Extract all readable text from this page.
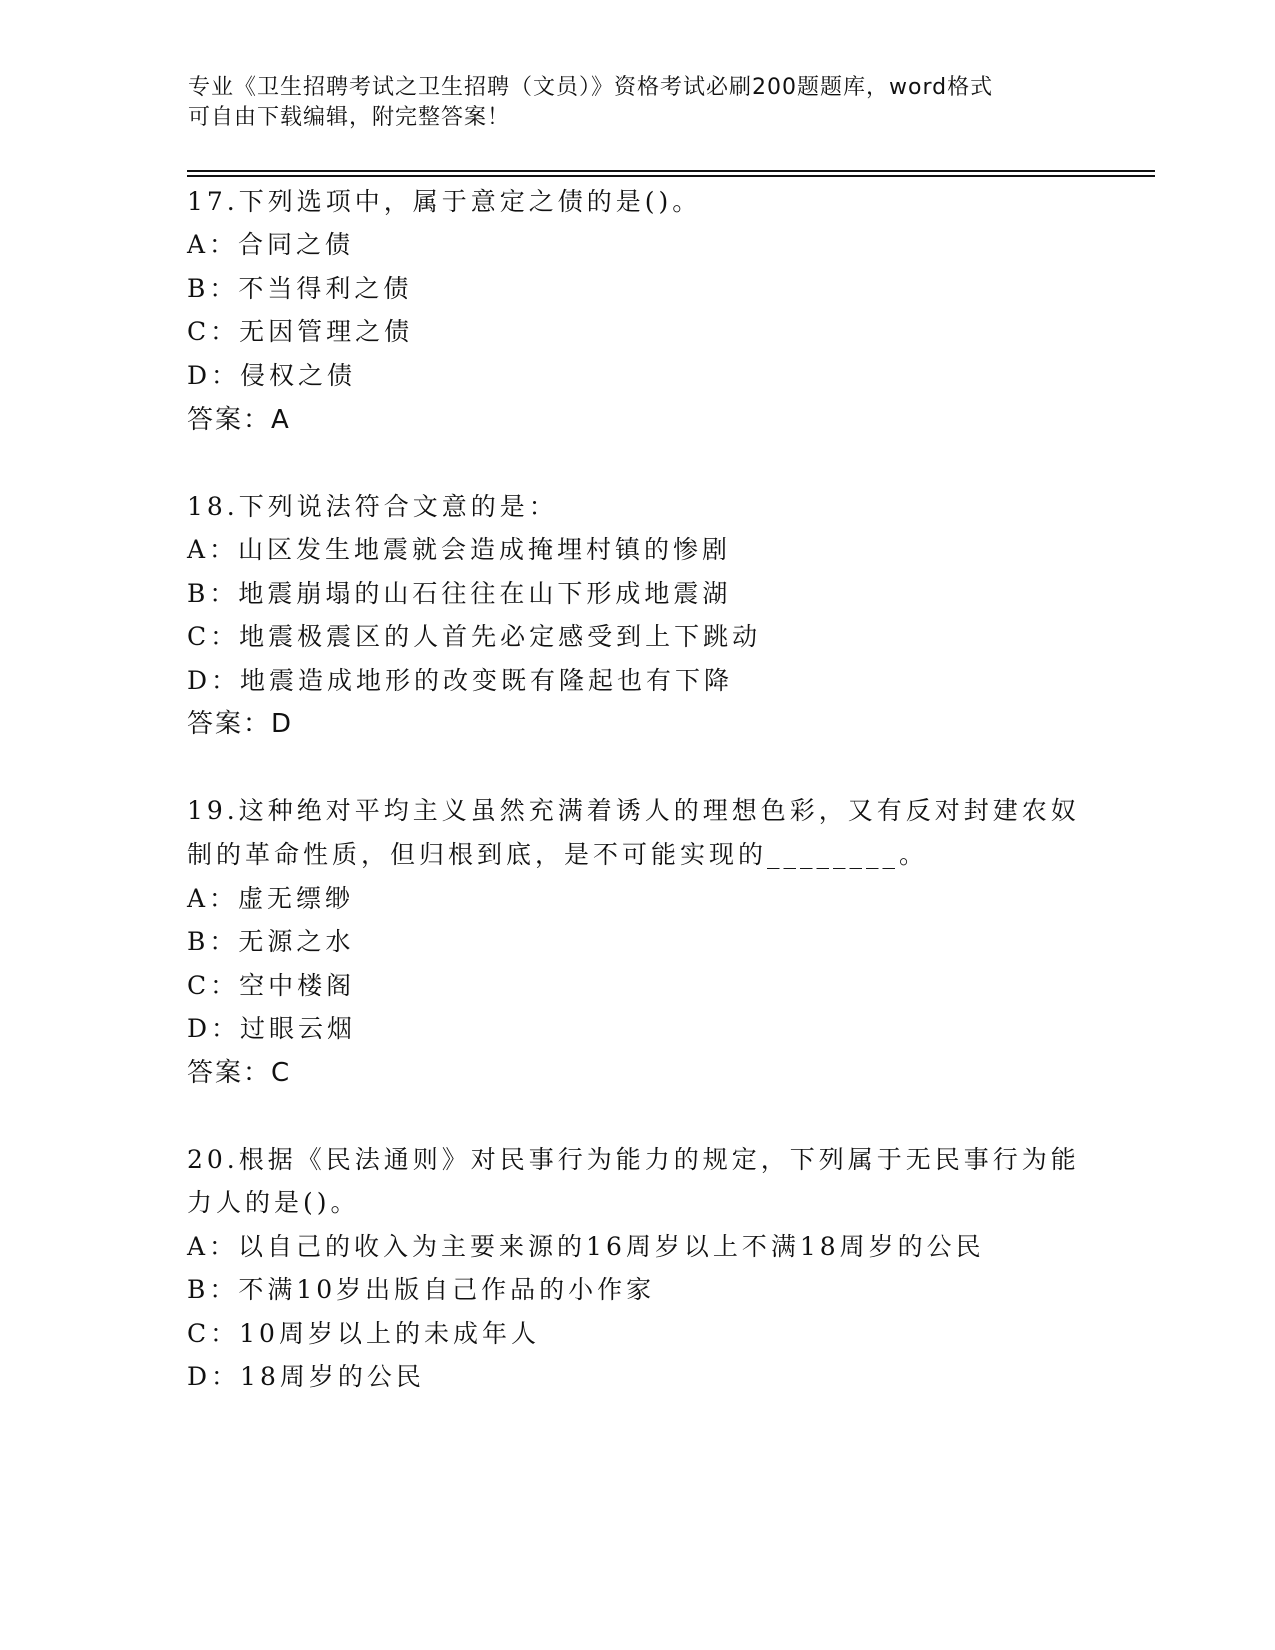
专业《卫生招聘考试之卫生招聘（文员）》资格考试必刷200题题库，word格式
可自由下载编辑，附完整答案！
17.下列选项中，属于意定之债的是()。
A：合同之债
B：不当得利之债
C：无因管理之债
D：侵权之债
答案：A
18.下列说法符合文意的是：
A：山区发生地震就会造成掩埋村镇的惨剧
B：地震崩塌的山石往往在山下形成地震湖
C：地震极震区的人首先必定感受到上下跳动
D：地震造成地形的改变既有隆起也有下降
答案：D
19.这种绝对平均主义虽然充满着诱人的理想色彩，又有反对封建农奴
制的革命性质，但归根到底，是不可能实现的________。
A：虚无缥缈
B：无源之水
C：空中楼阁
D：过眼云烟
答案：C
20.根据《民法通则》对民事行为能力的规定，下列属于无民事行为能
力人的是()。
A：以自己的收入为主要来源的16周岁以上不满18周岁的公民
B：不满10岁出版自己作品的小作家
C：10周岁以上的未成年人
D：18周岁的公民
